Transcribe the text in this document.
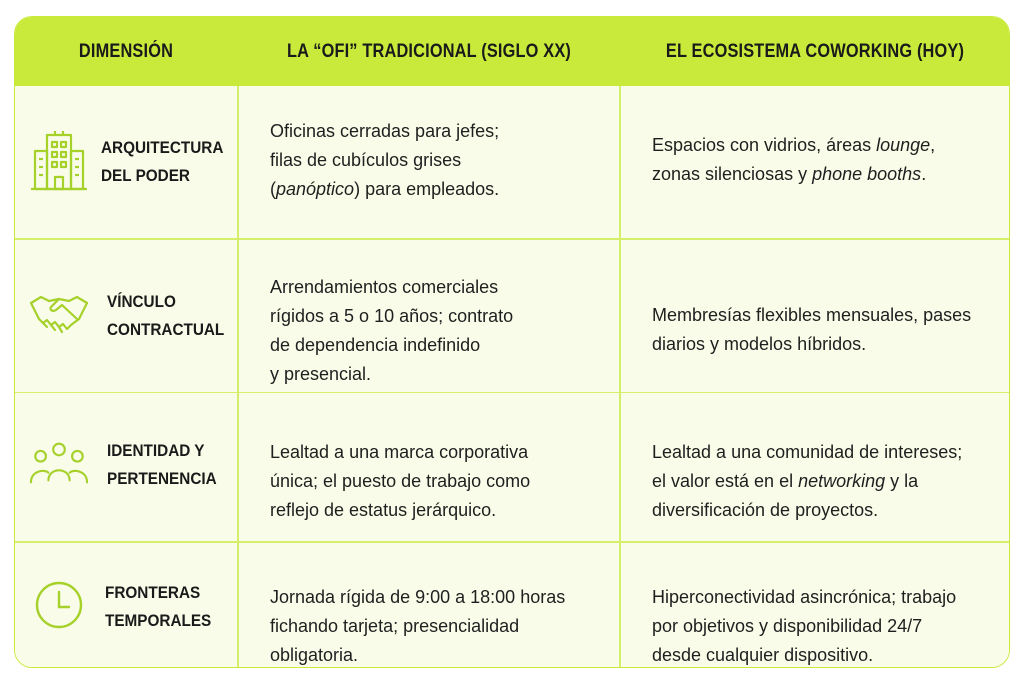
DIMENSIÓN	LA “OFI” TRADICIONAL (SIGLO XX)	EL ECOSISTEMA COWORKING (HOY)
ARQUITECTURA
DEL PODER
Oficinas cerradas para jefes;
filas de cubículos grises
(panóptico) para empleados.
Espacios con vidrios, áreas lounge,
zonas silenciosas y phone booths.
VÍNCULO
CONTRACTUAL
Arrendamientos comerciales
rígidos a 5 o 10 años; contrato
de dependencia indefinido
y presencial.
Membresías flexibles mensuales, pases
diarios y modelos híbridos.
IDENTIDAD Y
PERTENENCIA
Lealtad a una marca corporativa
única; el puesto de trabajo como
reflejo de estatus jerárquico.
Lealtad a una comunidad de intereses;
el valor está en el networking y la
diversificación de proyectos.
FRONTERAS
TEMPORALES
Jornada rígida de 9:00 a 18:00 horas
fichando tarjeta; presencialidad
obligatoria.
Hiperconectividad asincrónica; trabajo
por objetivos y disponibilidad 24/7
desde cualquier dispositivo.
